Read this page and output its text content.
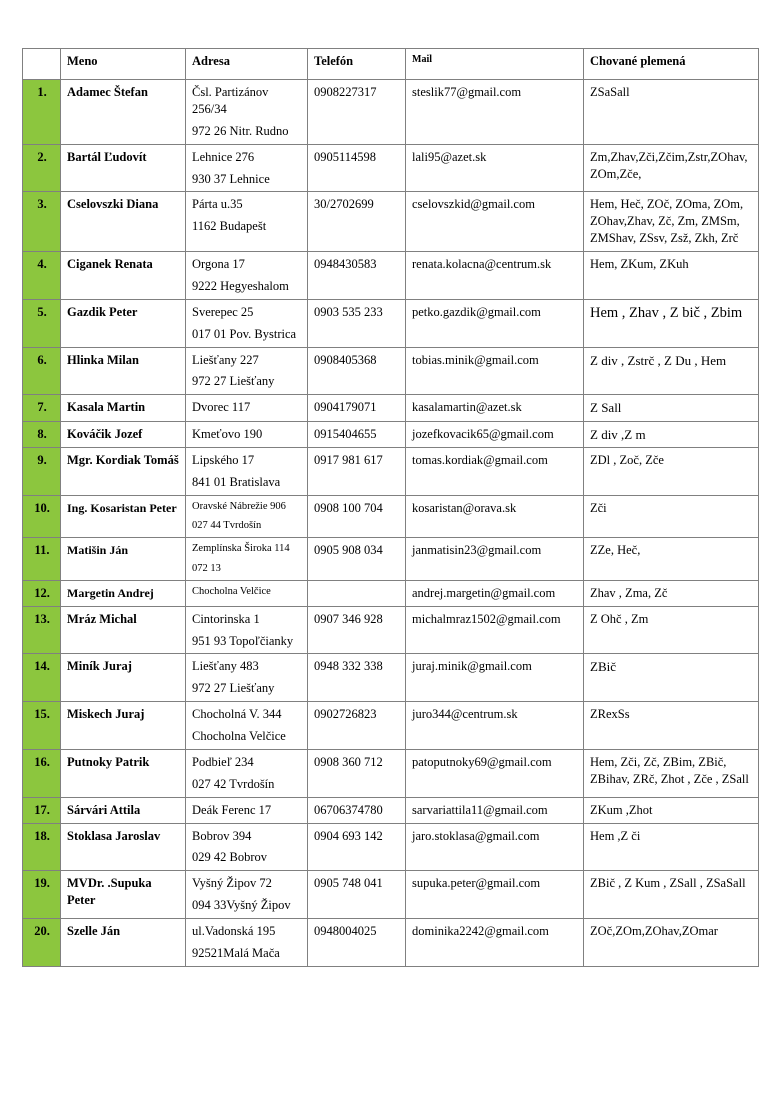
	Meno	Adresa	Telefón	Mail	Chované plemená
1.	Adamec Štefan	Čsl. Partizánov 256/34
972 26 Nitr. Rudno	0908227317	steslik77@gmail.com	ZSaSall
2.	Bartál Ľudovít	Lehnice 276
930 37 Lehnice	0905114598	lali95@azet.sk	Zm,Zhav,Zči,Zčim,Zstr,ZOhav, ZOm,Zče,
3.	Cselovszki Diana	Párta u.35
1162 Budapešt	30/2702699	cselovszkid@gmail.com	Hem, Heč, ZOč, ZOma, ZOm, ZOhav,Zhav, Zč, Zm, ZMSm, ZMShav, ZSsv, Zsž, Zkh, Zrč
4.	Ciganek Renata	Orgona 17
9222 Hegyeshalom	0948430583	renata.kolacna@centrum.sk	Hem, ZKum, ZKuh
5.	Gazdik Peter	Sverepec 25
017 01 Pov. Bystrica	0903 535 233	petko.gazdik@gmail.com	Hem , Zhav , Z bič , Zbim
6.	Hlinka Milan	Liešťany 227
972 27 Liešťany	0908405368	tobias.minik@gmail.com	Z div , Zstrč , Z Du , Hem
7.	Kasala Martin	Dvorec 117	0904179071	kasalamartin@azet.sk	Z Sall
8.	Kováčik Jozef	Kmeťovo 190	0915404655	jozefkovacik65@gmail.com	Z div ,Z m
9.	Mgr. Kordiak Tomáš	Lipského 17
841 01 Bratislava	0917 981 617	tomas.kordiak@gmail.com	ZDl , Zoč, Zče
10.	Ing. Kosaristan Peter	Oravské Nábrežie 906
027 44 Tvrdošín	0908 100 704	kosaristan@orava.sk	Zči
11.	Matišin Ján	Zemplínska Široka 114
072 13	0905 908 034	janmatisin23@gmail.com	ZZe, Heč,
12.	Margetin Andrej	Chocholna Velčice		andrej.margetin@gmail.com	Zhav , Zma, Zč
13.	Mráz Michal	Cintorinska 1
951 93 Topoľčianky	0907 346 928	michalmraz1502@gmail.com	Z Ohč , Zm
14.	Miník Juraj	Liešťany 483
972 27 Liešťany	0948 332 338	juraj.minik@gmail.com	ZBič
15.	Miskech Juraj	Chocholná V. 344
Chocholna Velčice	0902726823	juro344@centrum.sk	ZRexSs
16.	Putnoky Patrik	Podbieľ 234
027 42 Tvrdošín	0908 360 712	patoputnoky69@gmail.com	Hem, Zči, Zč, ZBim, ZBič, ZBihav, ZRč, Zhot , Zče , ZSall
17.	Sárvári Attila	Deák Ferenc 17	06706374780	sarvariattila11@gmail.com	ZKum ,Zhot
18.	Stoklasa Jaroslav	Bobrov 394
029 42 Bobrov	0904 693 142	jaro.stoklasa@gmail.com	Hem ,Z či
19.	MVDr. .Supuka Peter	Vyšný Žipov 72
094 33Vyšný Žipov	0905 748 041	supuka.peter@gmail.com	ZBič , Z Kum , ZSall , ZSaSall
20.	Szelle Ján	ul.Vadonská 195
92521Malá Mača	0948004025	dominika2242@gmail.com	ZOč,ZOm,ZOhav,ZOmar
